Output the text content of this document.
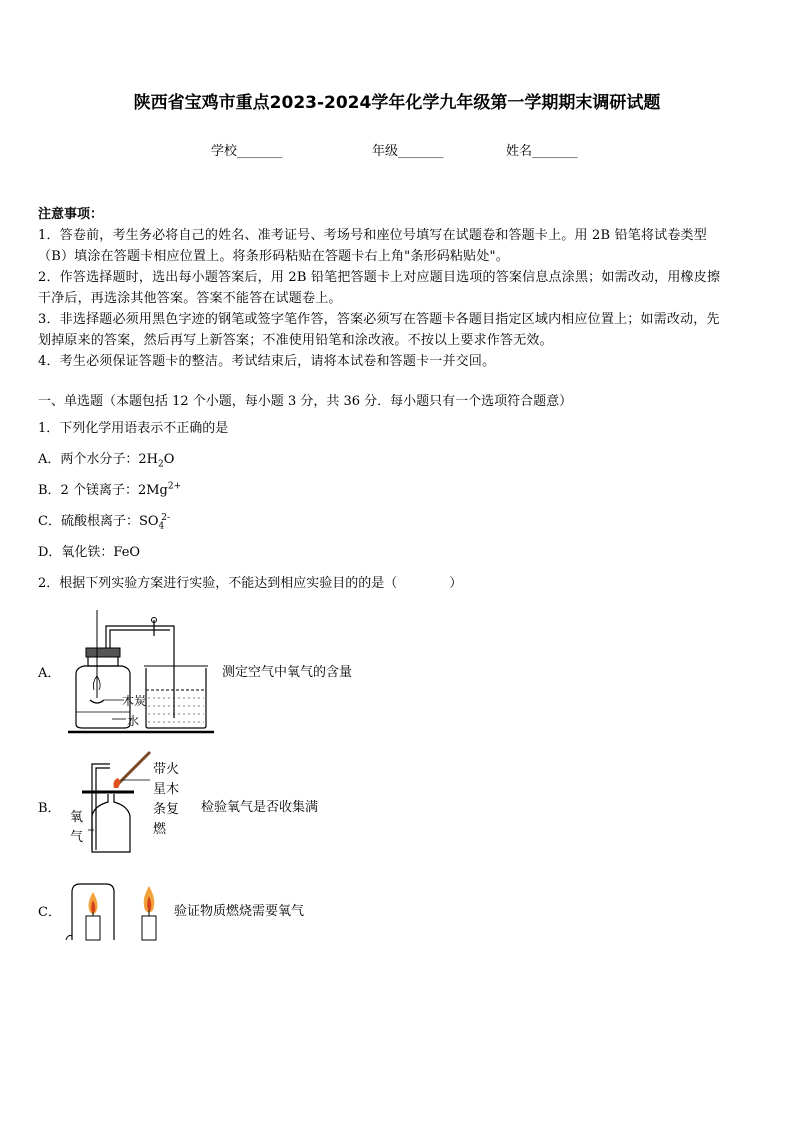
陕西省宝鸡市重点2023-2024学年化学九年级第一学期期末调研试题
学校_______	年级_______	姓名_______
注意事项：
1．答卷前，考生务必将自己的姓名、准考证号、考场号和座位号填写在试题卷和答题卡上。用 2B 铅笔将试卷类型
（B）填涂在答题卡相应位置上。将条形码粘贴在答题卡右上角"条形码粘贴处"。
2．作答选择题时，选出每小题答案后，用 2B 铅笔把答题卡上对应题目选项的答案信息点涂黑；如需改动，用橡皮擦
干净后，再选涂其他答案。答案不能答在试题卷上。
3．非选择题必须用黑色字迹的钢笔或签字笔作答，答案必须写在答题卡各题目指定区域内相应位置上；如需改动，先
划掉原来的答案，然后再写上新答案；不准使用铅笔和涂改液。不按以上要求作答无效。
4．考生必须保证答题卡的整洁。考试结束后，请将本试卷和答题卡一并交回。
一、单选题（本题包括 12 个小题，每小题 3 分，共 36 分．每小题只有一个选项符合题意）
1．下列化学用语表示不正确的是
A．两个水分子：$2H_2O$
B．2 个镁离子：$2Mg^{2+}$
C．硫酸根离子：$SO_4^{2-}$
D．氧化铁：FeO
2．根据下列实验方案进行实验，不能达到相应实验目的的是（　　　　）
A．
木炭
水
测定空气中氧气的含量
B．
带火
星木
条复
燃
氧
气
检验氧气是否收集满
C．	验证物质燃烧需要氧气
